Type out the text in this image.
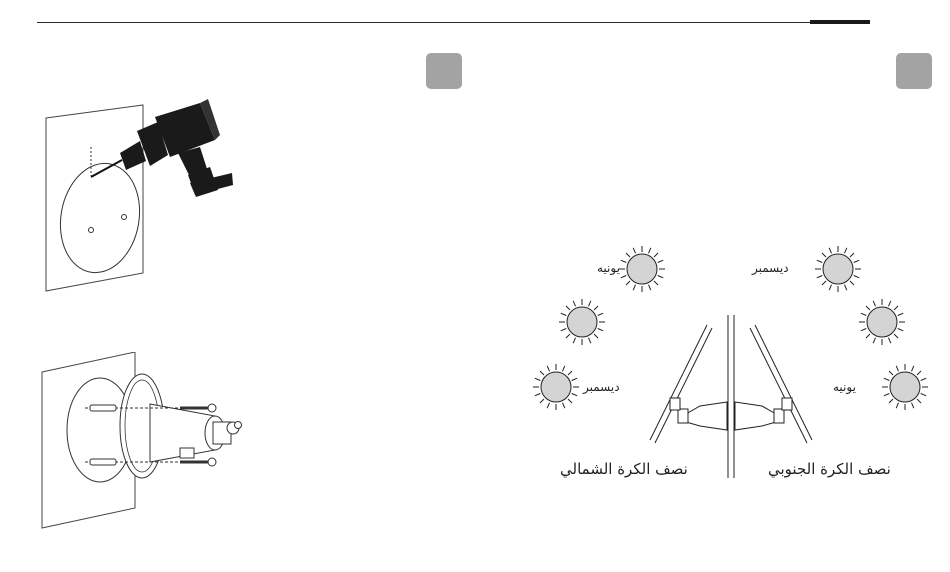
يونيه	ديسمبر
ديسمبر	يونيه
نصف الكرة الشمالي	نصف الكرة الجنوبي
